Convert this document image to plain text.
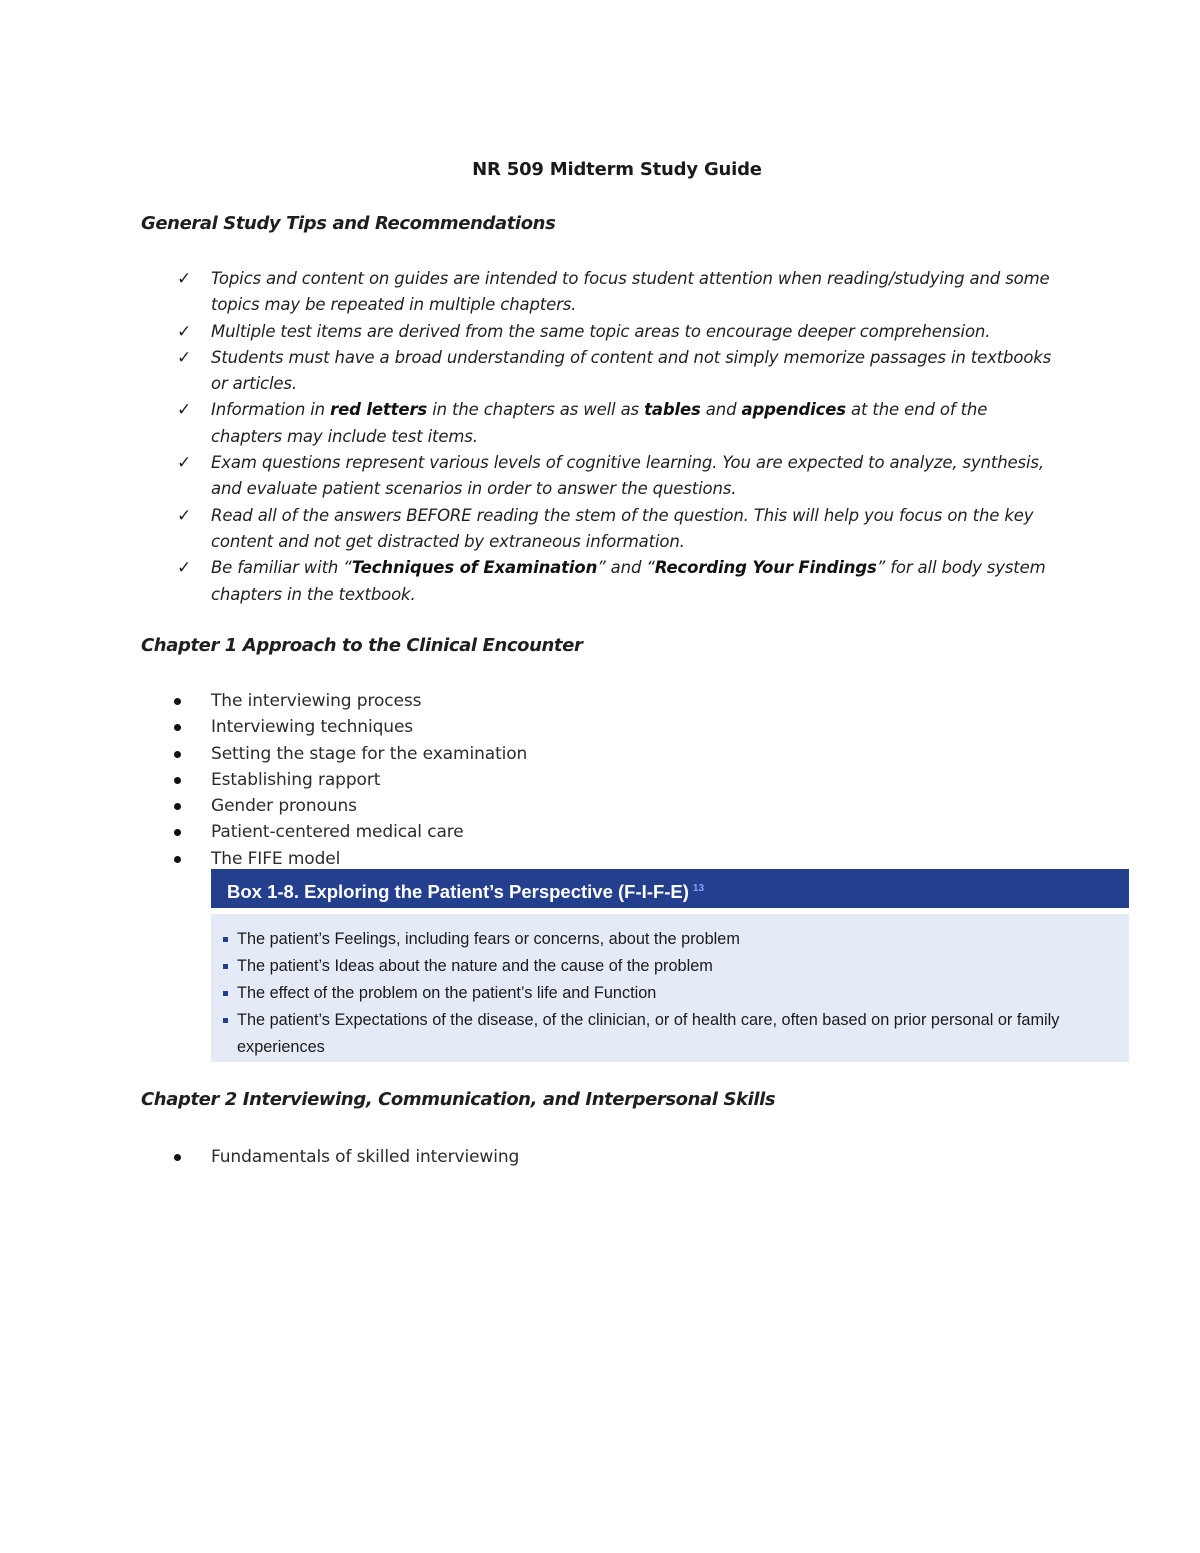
NR 509 Midterm Study Guide
General Study Tips and Recommendations
✓ Topics and content on guides are intended to focus student attention when reading/studying and some topics may be repeated in multiple chapters.
✓ Multiple test items are derived from the same topic areas to encourage deeper comprehension.
✓ Students must have a broad understanding of content and not simply memorize passages in textbooks or articles.
✓ Information in red letters in the chapters as well as tables and appendices at the end of the chapters may include test items.
✓ Exam questions represent various levels of cognitive learning. You are expected to analyze, synthesis, and evaluate patient scenarios in order to answer the questions.
✓ Read all of the answers BEFORE reading the stem of the question. This will help you focus on the key content and not get distracted by extraneous information.
✓ Be familiar with “Techniques of Examination” and “Recording Your Findings” for all body system chapters in the textbook.
Chapter 1 Approach to the Clinical Encounter
The interviewing process
Interviewing techniques
Setting the stage for the examination
Establishing rapport
Gender pronouns
Patient-centered medical care
The FIFE model
Box 1-8. Exploring the Patient’s Perspective (F-I-F-E) $^{13}$
The patient’s Feelings, including fears or concerns, about the problem
The patient’s Ideas about the nature and the cause of the problem
The effect of the problem on the patient’s life and Function
The patient’s Expectations of the disease, of the clinician, or of health care, often based on prior personal or family experiences
Chapter 2 Interviewing, Communication, and Interpersonal Skills
Fundamentals of skilled interviewing
